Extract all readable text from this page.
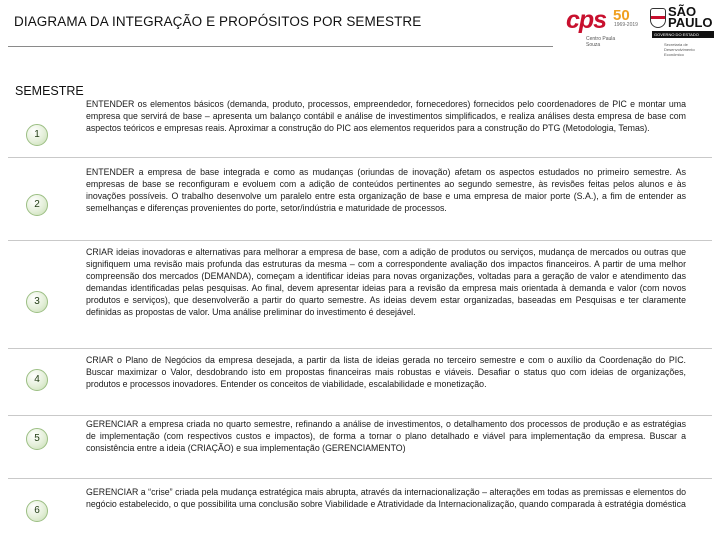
DIAGRAMA DA INTEGRAÇÃO E PROPÓSITOS POR SEMESTRE	cps 50
1969-2019
Centro Paula Souza
SÃO
PAULO
GOVERNO DO ESTADO
Secretaria de Desenvolvimento Econômico
SEMESTRE
1
ENTENDER os elementos básicos (demanda, produto, processos, empreendedor, fornecedores) fornecidos pelo coordenadores de PIC e montar uma empresa que servirá de base – apresenta um balanço contábil e análise de investimentos simplificados, e realiza análises desta empresa de base com aspectos teóricos e empresas reais. Aproximar a construção do PIC aos elementos requeridos para a construção do PTG (Metodologia, Temas).
2
ENTENDER a empresa de base integrada e como as mudanças (oriundas de inovação) afetam os aspectos estudados no primeiro semestre. As empresas de base se reconfiguram e evoluem com a adição de conteúdos pertinentes ao segundo semestre, às revisões feitas pelos alunos e às inovações possíveis. O trabalho desenvolve um paralelo entre esta organização de base e uma empresa de maior porte (S.A.), a fim de entender as semelhanças e diferenças provenientes do porte, setor/indústria e maturidade de processos.
3
CRIAR ideias inovadoras e alternativas para melhorar a empresa de base, com a adição de produtos ou serviços, mudança de mercados ou outras que signifiquem uma revisão mais profunda das estruturas da mesma – com a correspondente avaliação dos impactos financeiros. A partir de uma melhor compreensão dos mercados (DEMANDA), começam a identificar ideias para novas organizações, voltadas para a geração de valor e atendimento das demandas identificadas pelas pesquisas. Ao final, devem apresentar ideias para a revisão da empresa mais orientada à demanda e valor (com novos produtos e serviços), que desenvolverão a partir do quarto semestre. As ideias devem estar organizadas, baseadas em Pesquisas e ter claramente definidas as propostas de valor. Uma análise preliminar do investimento é desejável.
4
CRIAR o Plano de Negócios da empresa desejada, a partir da lista de ideias gerada no terceiro semestre e com o auxílio da Coordenação do PIC. Buscar maximizar o Valor, desdobrando isto em propostas financeiras mais robustas e viáveis. Desafiar o status quo com ideias de organizações, produtos e processos inovadores. Entender os conceitos de viabilidade, escalabilidade e monetização.
5
GERENCIAR a empresa criada no quarto semestre, refinando a análise de investimentos, o detalhamento dos processos de produção e as estratégias de implementação (com respectivos custos e impactos), de forma a tornar o plano detalhado e viável para implementação da empresa. Buscar a consistência entre a ideia (CRIAÇÃO) e sua implementação (GERENCIAMENTO)
6
GERENCIAR a “crise” criada pela mudança estratégica mais abrupta, através da internacionalização – alterações em todas as premissas e elementos do negócio estabelecido, o que possibilita uma conclusão sobre Viabilidade e Atratividade da Internacionalização, quando comparada à estratégia doméstica
